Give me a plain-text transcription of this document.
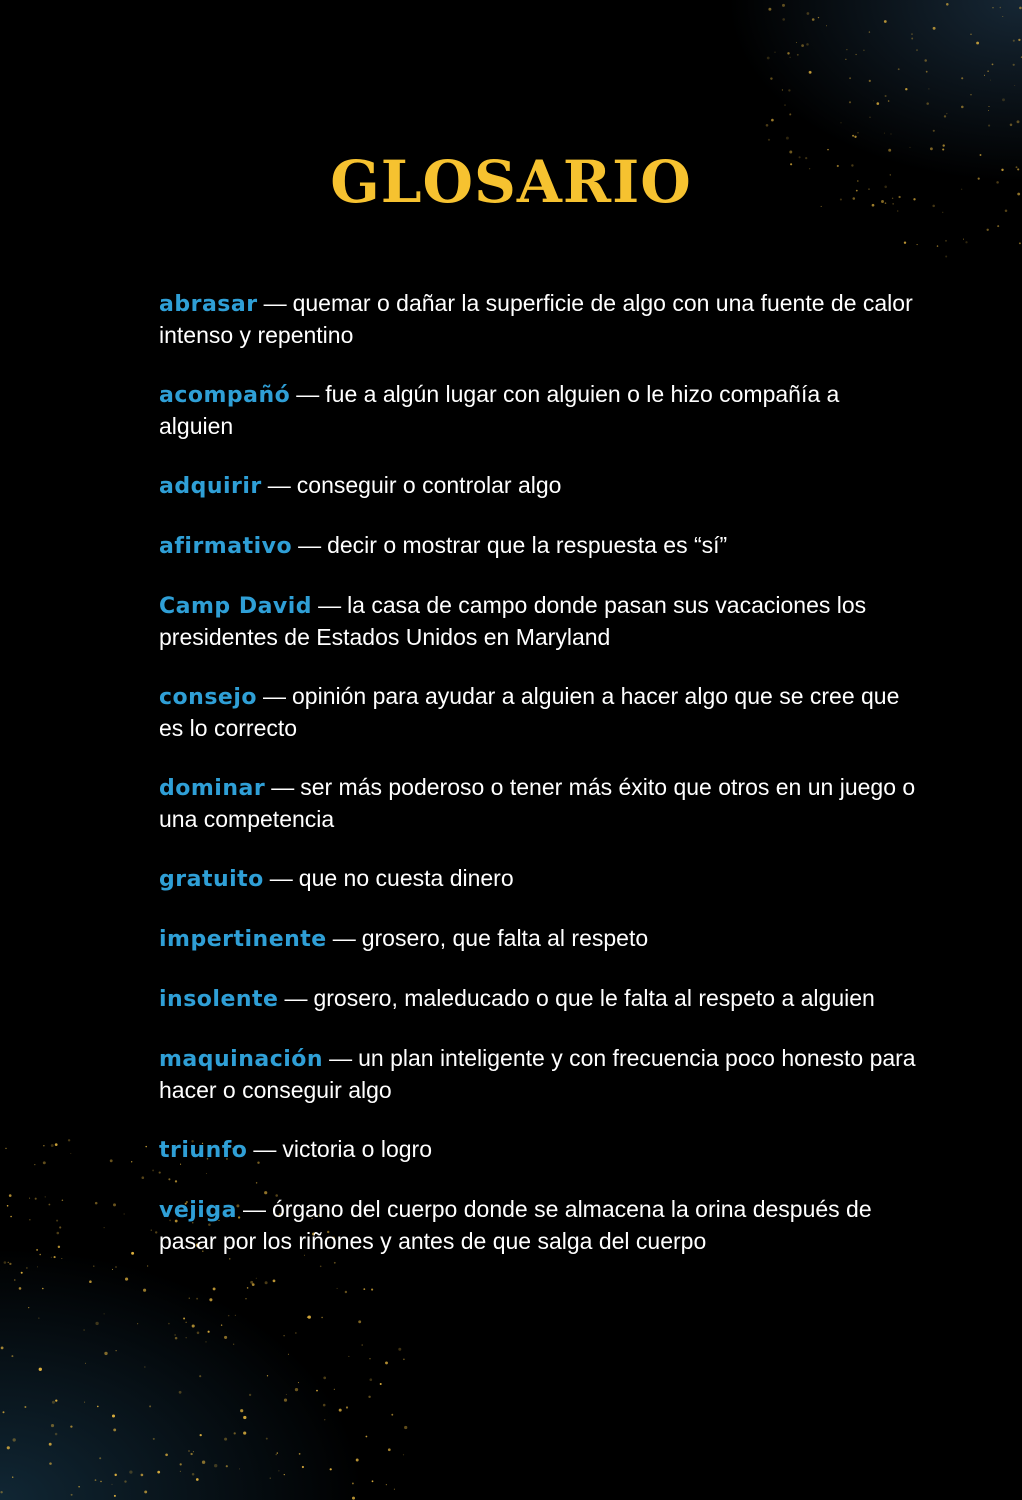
GLOSARIO
abrasar — quemar o dañar la superficie de algo con una fuente de calor intenso y repentino
acompañó — fue a algún lugar con alguien o le hizo compañía a alguien
adquirir — conseguir o controlar algo
afirmativo — decir o mostrar que la respuesta es “sí”
Camp David — la casa de campo donde pasan sus vacaciones los presidentes de Estados Unidos en Maryland
consejo — opinión para ayudar a alguien a hacer algo que se cree que es lo correcto
dominar — ser más poderoso o tener más éxito que otros en un juego o una competencia
gratuito — que no cuesta dinero
impertinente — grosero, que falta al respeto
insolente — grosero, maleducado o que le falta al respeto a alguien
maquinación — un plan inteligente y con frecuencia poco honesto para hacer o conseguir algo
triunfo — victoria o logro
vejiga — órgano del cuerpo donde se almacena la orina después de pasar por los riñones y antes de que salga del cuerpo
